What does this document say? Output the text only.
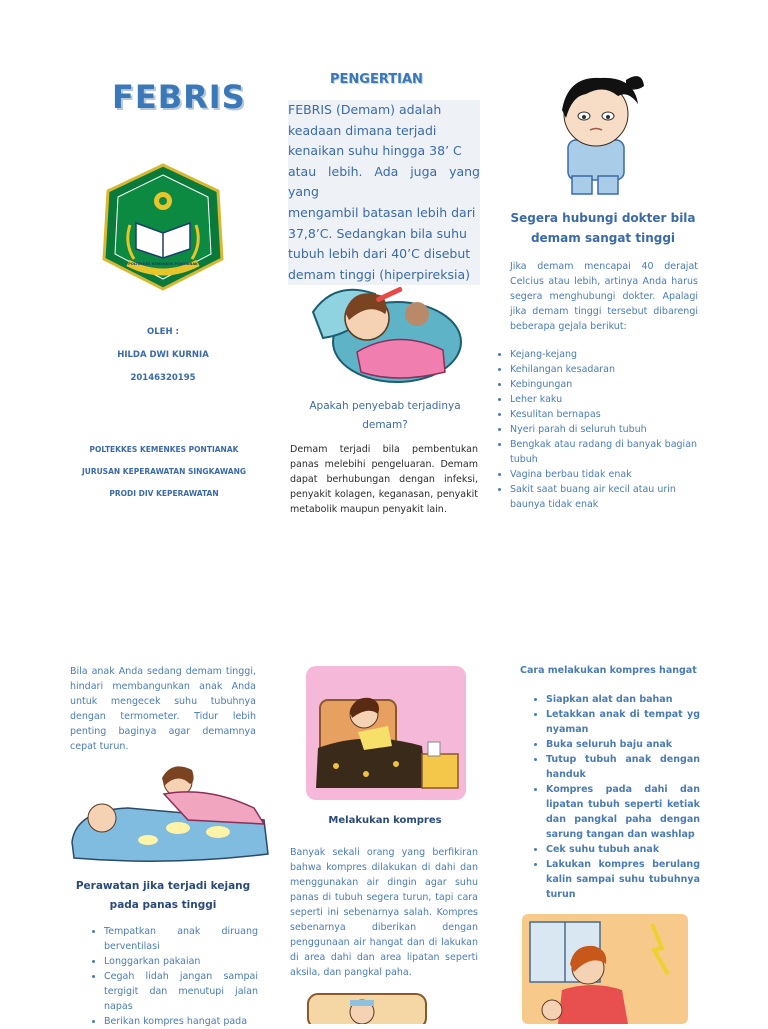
FEBRIS
POLTEKKES KEMENKES PONTIANAK
OLEH :
HILDA DWI KURNIA
20146320195
POLTEKKES KEMENKES PONTIANAK
JURUSAN KEPERAWATAN SINGKAWANG
PRODI DIV KEPERAWATAN
PENGERTIAN
FEBRIS (Demam) adalah
keadaan dimana terjadi
kenaikan suhu hingga 38’ C
atau lebih. Ada juga yang yang
mengambil batasan lebih dari
37,8’C. Sedangkan bila suhu
tubuh lebih dari 40’C disebut
demam tinggi (hiperpireksia)
Apakah penyebab terjadinya demam?
Demam terjadi bila pembentukan panas melebihi pengeluaran. Demam dapat berhubungan dengan infeksi, penyakit kolagen, keganasan, penyakit metabolik maupun penyakit lain.
Segera hubungi dokter bila demam sangat tinggi
Jika demam mencapai 40 derajat Celcius atau lebih, artinya Anda harus segera menghubungi dokter. Apalagi jika demam tinggi tersebut dibarengi beberapa gejala berikut:
• Kejang-kejang
• Kehilangan kesadaran
• Kebingungan
• Leher kaku
• Kesulitan bernapas
• Nyeri parah di seluruh tubuh
• Bengkak atau radang di banyak bagian tubuh
• Vagina berbau tidak enak
• Sakit saat buang air kecil atau urin baunya tidak enak
Bila anak Anda sedang demam tinggi, hindari membangunkan anak Anda untuk mengecek suhu tubuhnya dengan termometer. Tidur lebih penting baginya agar demamnya cepat turun.
Perawatan jika terjadi kejang pada panas tinggi
• Tempatkan anak diruang berventilasi
• Longgarkan pakaian
• Cegah lidah jangan sampai tergigit dan menutupi jalan napas
• Berikan kompres hangat pada
Melakukan kompres
Banyak sekali orang yang berfikiran bahwa kompres dilakukan di dahi dan menggunakan air dingin agar suhu panas di tubuh segera turun, tapi cara seperti ini sebenarnya salah. Kompres sebenarnya diberikan dengan penggunaan air hangat dan di lakukan di area dahi dan area lipatan seperti aksila, dan pangkal paha.
Cara melakukan kompres hangat
• Siapkan alat dan bahan
• Letakkan anak di tempat yg nyaman
• Buka seluruh baju anak
• Tutup tubuh anak dengan handuk
• Kompres pada dahi dan lipatan tubuh seperti ketiak dan pangkal paha dengan sarung tangan dan washlap
• Cek suhu tubuh anak
• Lakukan kompres berulang kalin sampai suhu tubuhnya turun
